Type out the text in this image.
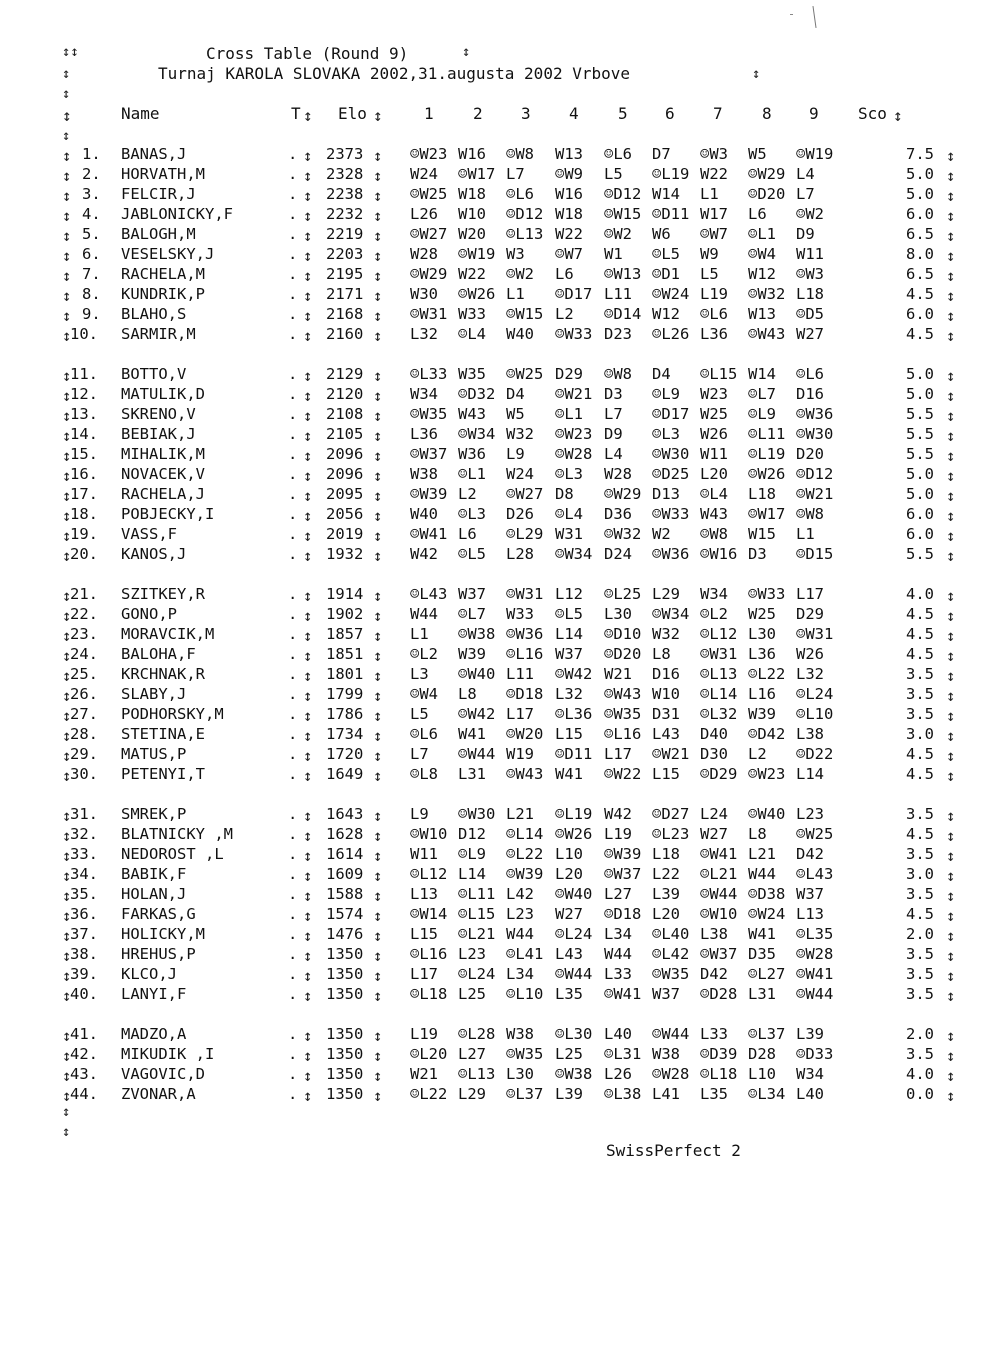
↕↕	Cross Table (Round 9)	↕
↕	Turnaj KAROLA SLOVAKA 2002,31.augusta 2002 Vrbove	↕
↕
↕	Name	T ↕ Elo ↕	1 2 3 4 5 6 7 8 9 Sco ↕
↕
↕ 1. BANAS,J	. ↕ 2373 ↕ ☺W23 W16 ☺W8 W13 ☺L6 D7 ☺W3 W5 ☺W19	7.5 ↕
↕ 2. HORVATH,M	. ↕ 2328 ↕ W24 ☺W17 L7 ☺W9 L5 ☺L19 W22 ☺W29 L4	5.0 ↕
↕ 3. FELCIR,J	. ↕ 2238 ↕ ☺W25 W18 ☺L6 W16 ☺D12 W14 L1 ☺D20 L7	5.0 ↕
↕ 4. JABLONICKY,F	. ↕ 2232 ↕ L26 W10 ☺D12 W18 ☺W15 ☺D11 W17 L6 ☺W2	6.0 ↕
↕ 5. BALOGH,M	. ↕ 2219 ↕ ☺W27 W20 ☺L13 W22 ☺W2 W6 ☺W7 ☺L1 D9	6.5 ↕
↕ 6. VESELSKY,J	. ↕ 2203 ↕ W28 ☺W19 W3 ☺W7 W1 ☺L5 W9 ☺W4 W11	8.0 ↕
↕ 7. RACHELA,M	. ↕ 2195 ↕ ☺W29 W22 ☺W2 L6 ☺W13 ☺D1 L5 W12 ☺W3	6.5 ↕
↕ 8. KUNDRIK,P	. ↕ 2171 ↕ W30 ☺W26 L1 ☺D17 L11 ☺W24 L19 ☺W32 L18	4.5 ↕
↕ 9. BLAHO,S	. ↕ 2168 ↕ ☺W31 W33 ☺W15 L2 ☺D14 W12 ☺L6 W13 ☺D5	6.0 ↕
↕
10. SARMIR,M	. ↕ 2160 ↕ L32 ☺L4 W40 ☺W33 D23 ☺L26 L36 ☺W43 W27	4.5 ↕
↕
11. BOTTO,V	. ↕ 2129 ↕ ☺L33 W35 ☺W25 D29 ☺W8 D4 ☺L15 W14 ☺L6	5.0 ↕
↕
12. MATULIK,D	. ↕ 2120 ↕ W34 ☺D32 D4 ☺W21 D3 ☺L9 W23 ☺L7 D16	5.0 ↕
↕
13. SKRENO,V	. ↕ 2108 ↕ ☺W35 W43 W5 ☺L1 L7 ☺D17 W25 ☺L9 ☺W36	5.5 ↕
↕
14. BEBIAK,J	. ↕ 2105 ↕ L36 ☺W34 W32 ☺W23 D9 ☺L3 W26 ☺L11 ☺W30	5.5 ↕
↕
15. MIHALIK,M	. ↕ 2096 ↕ ☺W37 W36 L9 ☺W28 L4 ☺W30 W11 ☺L19 D20	5.5 ↕
↕
16. NOVACEK,V	. ↕ 2096 ↕ W38 ☺L1 W24 ☺L3 W28 ☺D25 L20 ☺W26 ☺D12	5.0 ↕
↕
17. RACHELA,J	. ↕ 2095 ↕ ☺W39 L2 ☺W27 D8 ☺W29 D13 ☺L4 L18 ☺W21	5.0 ↕
↕
18. POBJECKY,I	. ↕ 2056 ↕ W40 ☺L3 D26 ☺L4 D36 ☺W33 W43 ☺W17 ☺W8	6.0 ↕
↕
19. VASS,F	. ↕ 2019 ↕ ☺W41 L6 ☺L29 W31 ☺W32 W2 ☺W8 W15 L1	6.0 ↕
↕
20. KANOS,J	. ↕ 1932 ↕ W42 ☺L5 L28 ☺W34 D24 ☺W36 ☺W16 D3 ☺D15	5.5 ↕
↕
21. SZITKEY,R	. ↕ 1914 ↕ ☺L43 W37 ☺W31 L12 ☺L25 L29 W34 ☺W33 L17	4.0 ↕
↕
22. GONO,P	. ↕ 1902 ↕ W44 ☺L7 W33 ☺L5 L30 ☺W34 ☺L2 W25 D29	4.5 ↕
↕
23. MORAVCIK,M	. ↕ 1857 ↕ L1 ☺W38 ☺W36 L14 ☺D10 W32 ☺L12 L30 ☺W31	4.5 ↕
↕
24. BALOHA,F	. ↕ 1851 ↕ ☺L2 W39 ☺L16 W37 ☺D20 L8 ☺W31 L36 W26	4.5 ↕
↕
25. KRCHNAK,R	. ↕ 1801 ↕ L3 ☺W40 L11 ☺W42 W21 D16 ☺L13 ☺L22 L32	3.5 ↕
↕
26. SLABY,J	. ↕ 1799 ↕ ☺W4 L8 ☺D18 L32 ☺W43 W10 ☺L14 L16 ☺L24	3.5 ↕
↕
27. PODHORSKY,M	. ↕ 1786 ↕ L5 ☺W42 L17 ☺L36 ☺W35 D31 ☺L32 W39 ☺L10	3.5 ↕
↕
28. STETINA,E	. ↕ 1734 ↕ ☺L6 W41 ☺W20 L15 ☺L16 L43 D40 ☺D42 L38	3.0 ↕
↕
29. MATUS,P	. ↕ 1720 ↕ L7 ☺W44 W19 ☺D11 L17 ☺W21 D30 L2 ☺D22	4.5 ↕
↕
30. PETENYI,T	. ↕ 1649 ↕ ☺L8 L31 ☺W43 W41 ☺W22 L15 ☺D29 ☺W23 L14	4.5 ↕
↕
31. SMREK,P	. ↕ 1643 ↕ L9 ☺W30 L21 ☺L19 W42 ☺D27 L24 ☺W40 L23	3.5 ↕
↕
32. BLATNICKY ,M	. ↕ 1628 ↕ ☺W10 D12 ☺L14 ☺W26 L19 ☺L23 W27 L8 ☺W25	4.5 ↕
↕
33. NEDOROST ,L	. ↕ 1614 ↕ W11 ☺L9 ☺L22 L10 ☺W39 L18 ☺W41 L21 D42	3.5 ↕
↕
34. BABIK,F	. ↕ 1609 ↕ ☺L12 L14 ☺W39 L20 ☺W37 L22 ☺L21 W44 ☺L43	3.0 ↕
↕
35. HOLAN,J	. ↕ 1588 ↕ L13 ☺L11 L42 ☺W40 L27 L39 ☺W44 ☺D38 W37	3.5 ↕
↕
36. FARKAS,G	. ↕ 1574 ↕ ☺W14 ☺L15 L23 W27 ☺D18 L20 ☺W10 ☺W24 L13	4.5 ↕
↕
37. HOLICKY,M	. ↕ 1476 ↕ L15 ☺L21 W44 ☺L24 L34 ☺L40 L38 W41 ☺L35	2.0 ↕
↕
38. HREHUS,P	. ↕ 1350 ↕ ☺L16 L23 ☺L41 L43 W44 ☺L42 ☺W37 D35 ☺W28	3.5 ↕
↕
39. KLCO,J	. ↕ 1350 ↕ L17 ☺L24 L34 ☺W44 L33 ☺W35 D42 ☺L27 ☺W41	3.5 ↕
↕
40. LANYI,F	. ↕ 1350 ↕ ☺L18 L25 ☺L10 L35 ☺W41 W37 ☺D28 L31 ☺W44	3.5 ↕
↕
41. MADZO,A	. ↕ 1350 ↕ L19 ☺L28 W38 ☺L30 L40 ☺W44 L33 ☺L37 L39	2.0 ↕
↕
42. MIKUDIK ,I	. ↕ 1350 ↕ ☺L20 L27 ☺W35 L25 ☺L31 W38 ☺D39 D28 ☺D33	3.5 ↕
↕
43. VAGOVIC,D	. ↕ 1350 ↕ W21 ☺L13 L30 ☺W38 L26 ☺W28 ☺L18 L10 W34	4.0 ↕
↕
44. ZVONAR,A	. ↕ 1350 ↕ ☺L22 L29 ☺L37 L39 ☺L38 L41 L35 ☺L34 L40	0.0 ↕
↕
↕
SwissPerfect 2
